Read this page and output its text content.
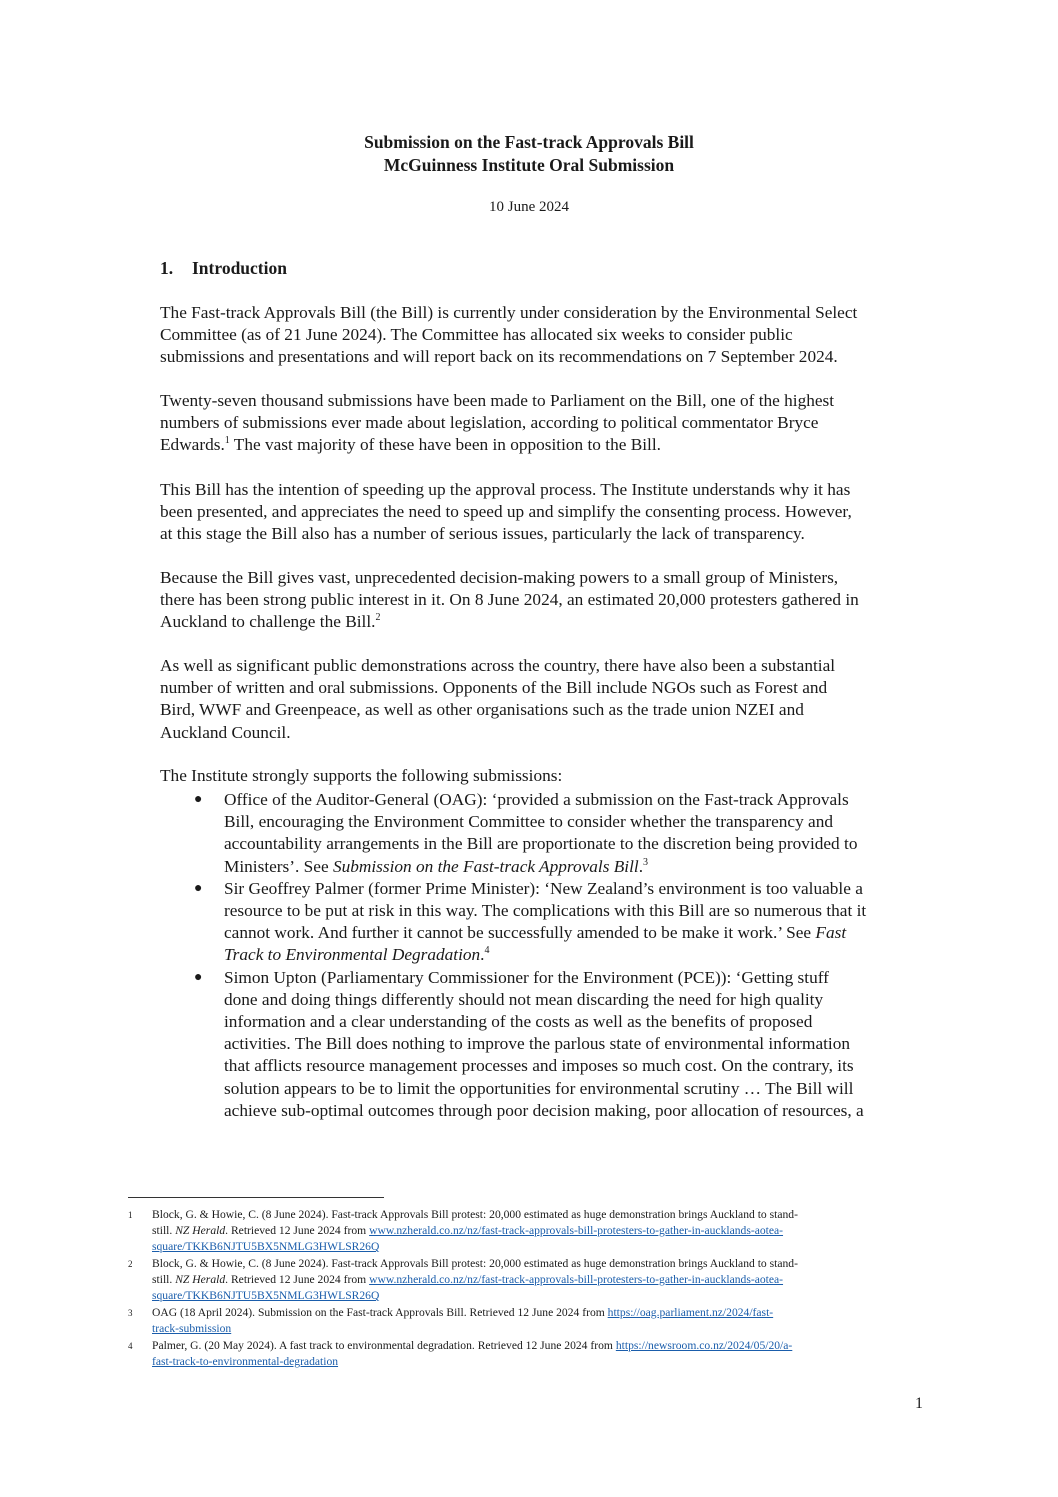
Submission on the Fast-track Approvals Bill
McGuinness Institute Oral Submission
10 June 2024
1. Introduction

The Fast-track Approvals Bill (the Bill) is currently under consideration by the Environmental Select
Committee (as of 21 June 2024). The Committee has allocated six weeks to consider public
submissions and presentations and will report back on its recommendations on 7 September 2024.

Twenty-seven thousand submissions have been made to Parliament on the Bill, one of the highest
numbers of submissions ever made about legislation, according to political commentator Bryce
Edwards.$^1$ The vast majority of these have been in opposition to the Bill.

This Bill has the intention of speeding up the approval process. The Institute understands why it has
been presented, and appreciates the need to speed up and simplify the consenting process. However,
at this stage the Bill also has a number of serious issues, particularly the lack of transparency.

Because the Bill gives vast, unprecedented decision-making powers to a small group of Ministers,
there has been strong public interest in it. On 8 June 2024, an estimated 20,000 protesters gathered in
Auckland to challenge the Bill.$^2$

As well as significant public demonstrations across the country, there have also been a substantial
number of written and oral submissions. Opponents of the Bill include NGOs such as Forest and
Bird, WWF and Greenpeace, as well as other organisations such as the trade union NZEI and
Auckland Council.

The Institute strongly supports the following submissions:

● Office of the Auditor-General (OAG): ‘provided a submission on the Fast-track Approvals
Bill, encouraging the Environment Committee to consider whether the transparency and
accountability arrangements in the Bill are proportionate to the discretion being provided to
Ministers’. See Submission on the Fast-track Approvals Bill.$^3$
● Sir Geoffrey Palmer (former Prime Minister): ‘New Zealand’s environment is too valuable a
resource to be put at risk in this way. The complications with this Bill are so numerous that it
cannot work. And further it cannot be successfully amended to be make it work.’ See Fast
Track to Environmental Degradation.$^4$
● Simon Upton (Parliamentary Commissioner for the Environment (PCE)): ‘Getting stuff
done and doing things differently should not mean discarding the need for high quality
information and a clear understanding of the costs as well as the benefits of proposed
activities. The Bill does nothing to improve the parlous state of environmental information
that afflicts resource management processes and imposes so much cost. On the contrary, its
solution appears to be to limit the opportunities for environmental scrutiny … The Bill will
achieve sub-optimal outcomes through poor decision making, poor allocation of resources, a
1 Block, G. & Howie, C. (8 June 2024). Fast-track Approvals Bill protest: 20,000 estimated as huge demonstration brings Auckland to stand-
still. NZ Herald. Retrieved 12 June 2024 from www.nzherald.co.nz/nz/fast-track-approvals-bill-protesters-to-gather-in-aucklands-aotea-
square/TKKB6NJTU5BX5NMLG3HWLSR26Q
2 Block, G. & Howie, C. (8 June 2024). Fast-track Approvals Bill protest: 20,000 estimated as huge demonstration brings Auckland to stand-
still. NZ Herald. Retrieved 12 June 2024 from www.nzherald.co.nz/nz/fast-track-approvals-bill-protesters-to-gather-in-aucklands-aotea-
square/TKKB6NJTU5BX5NMLG3HWLSR26Q
3 OAG (18 April 2024). Submission on the Fast-track Approvals Bill. Retrieved 12 June 2024 from https://oag.parliament.nz/2024/fast-
track-submission
4 Palmer, G. (20 May 2024). A fast track to environmental degradation. Retrieved 12 June 2024 from https://newsroom.co.nz/2024/05/20/a-
fast-track-to-environmental-degradation
1
